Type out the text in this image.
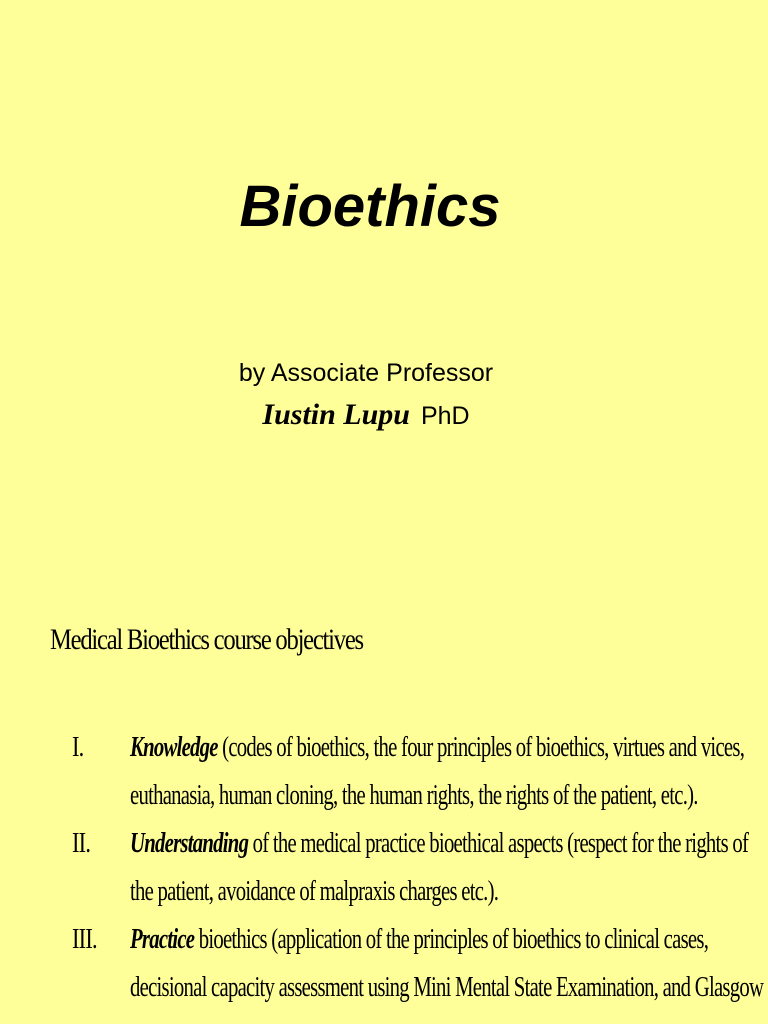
Bioethics
by Associate Professor
Iustin Lupu PhD
Medical Bioethics course objectives
I. Knowledge (codes of bioethics, the four principles of bioethics, virtues and vices,
euthanasia, human cloning, the human rights, the rights of the patient, etc.).
II. Understanding of the medical practice bioethical aspects (respect for the rights of
the patient, avoidance of malpraxis charges etc.).
III. Practice bioethics (application of the principles of bioethics to clinical cases,
decisional capacity assessment using Mini Mental State Examination, and Glasgow
